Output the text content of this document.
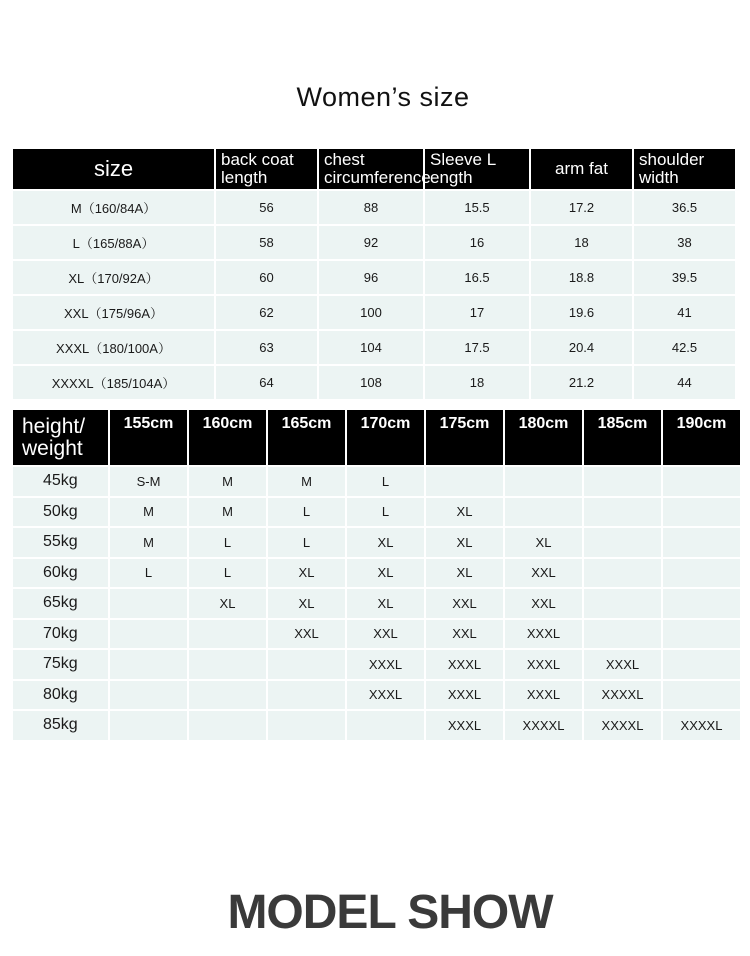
Women’s size
size	back coat length	chest circumference	Sleeve L ength	arm fat	shoulder width

M（160/84A）	56	88	15.5	17.2	36.5
L（165/88A）	58	92	16	18	38
XL（170/92A）	60	96	16.5	18.8	39.5
XXL（175/96A）	62	100	17	19.6	41
XXXL（180/100A）	63	104	17.5	20.4	42.5
XXXXL（185/104A）	64	108	18	21.2	44
height/ weight	155cm	160cm	165cm	170cm	175cm	180cm	185cm	190cm
45kg	S-M	M	M	L				
50kg	M	M	L	L	XL			
55kg	M	L	L	XL	XL	XL		
60kg	L	L	XL	XL	XL	XXL		
65kg		XL	XL	XL	XXL	XXL		
70kg			XXL	XXL	XXL	XXXL		
75kg				XXXL	XXXL	XXXL	XXXL	
80kg				XXXL	XXXL	XXXL	XXXXL	
85kg					XXXL	XXXXL	XXXXL	XXXXL
MODEL SHOW
